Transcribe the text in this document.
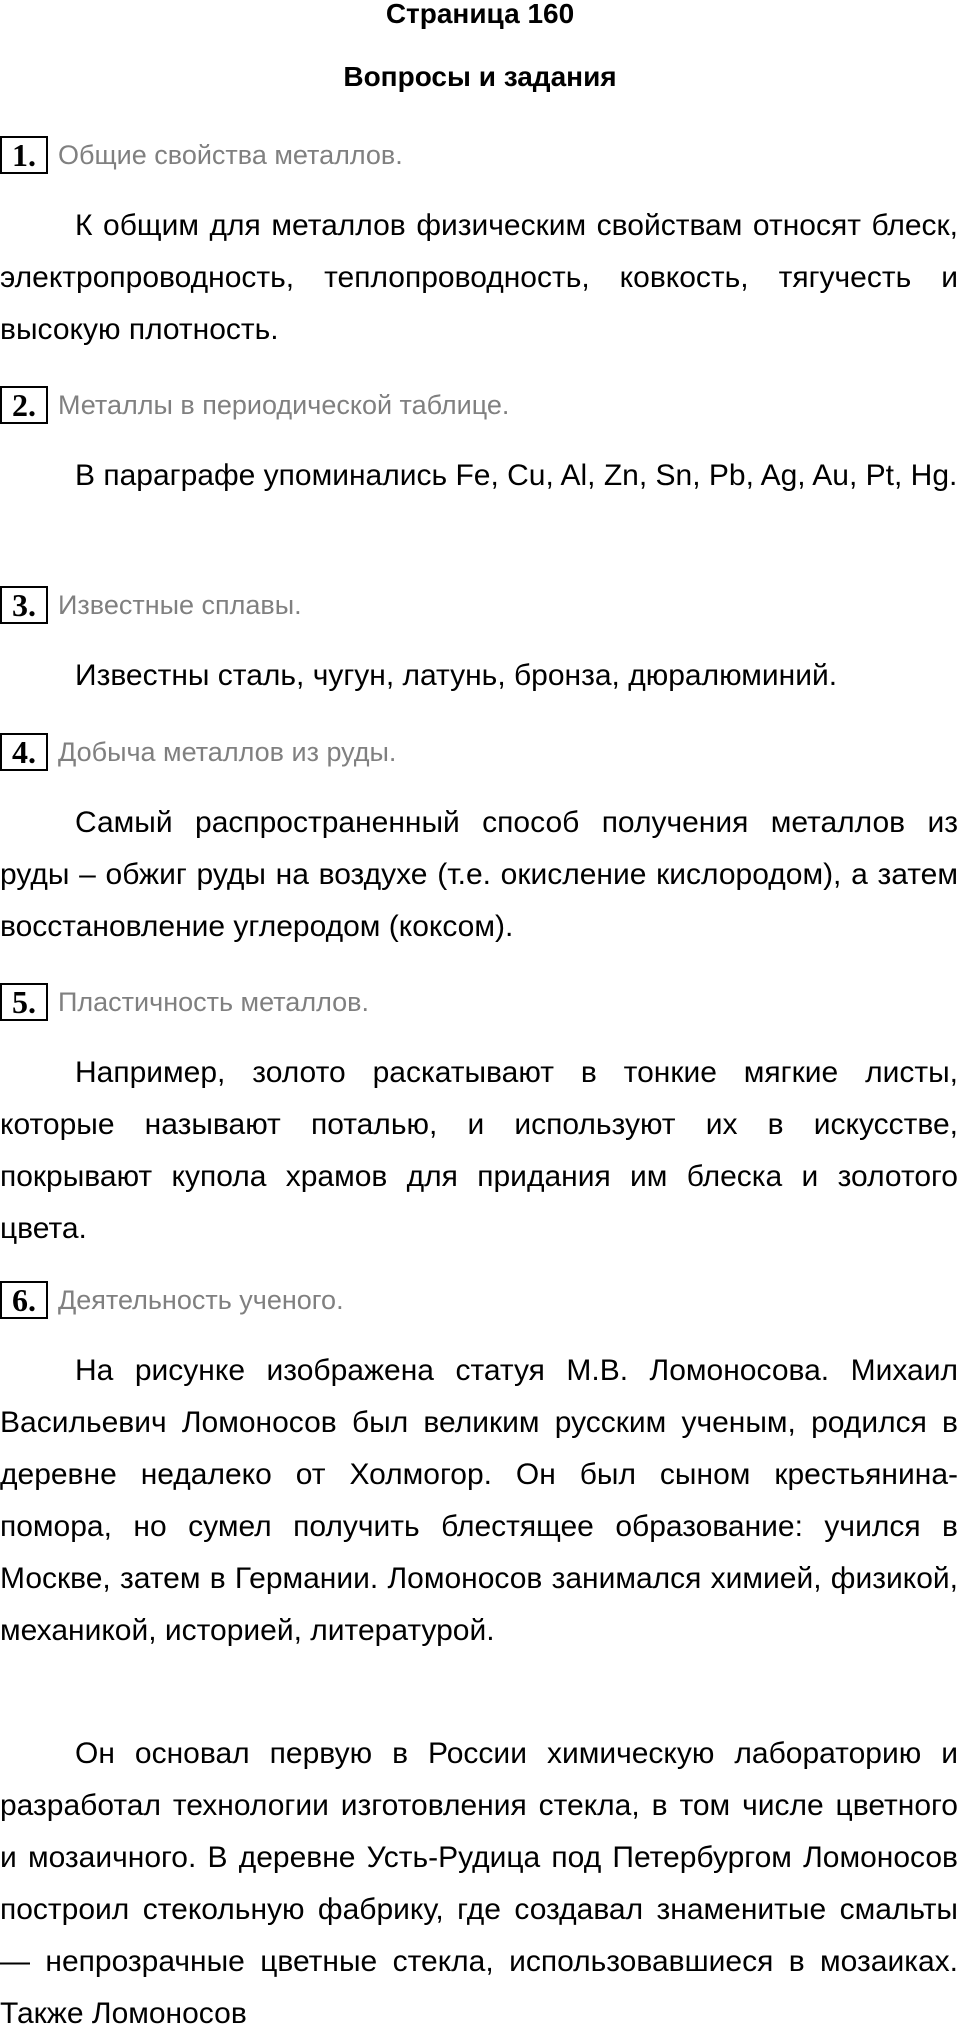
Страница 160
Вопросы и задания
1. Общие свойства металлов.

К общим для металлов физическим свойствам относят блеск, электропроводность, теплопроводность, ковкость, тягучесть и высокую плотность.

2. Металлы в периодической таблице.

В параграфе упоминались Fe, Cu, Al, Zn, Sn, Pb, Ag, Au, Pt, Hg.

3. Известные сплавы.

Известны сталь, чугун, латунь, бронза, дюралюминий.

4. Добыча металлов из руды.

Самый распространенный способ получения металлов из руды – обжиг руды на воздухе (т.е. окисление кислородом), а затем восстановление углеродом (коксом).

5. Пластичность металлов.

Например, золото раскатывают в тонкие мягкие листы, которые называют поталью, и используют их в искусстве, покрывают купола храмов для придания им блеска и золотого цвета.

6. Деятельность ученого.

На рисунке изображена статуя М.В. Ломоносова. Михаил Васильевич Ломоносов был великим русским ученым, родился в деревне недалеко от Холмогор. Он был сыном крестьянина-помора, но сумел получить блестящее образование: учился в Москве, затем в Германии. Ломоносов занимался химией, физикой, механикой, историей, литературой.

Он основал первую в России химическую лабораторию и разработал технологии изготовления стекла, в том числе цветного и мозаичного. В деревне Усть-Рудица под Петербургом Ломоносов построил стекольную фабрику, где создавал знаменитые смальты — непрозрачные цветные стекла, использовавшиеся в мозаиках. Также Ломоносов
